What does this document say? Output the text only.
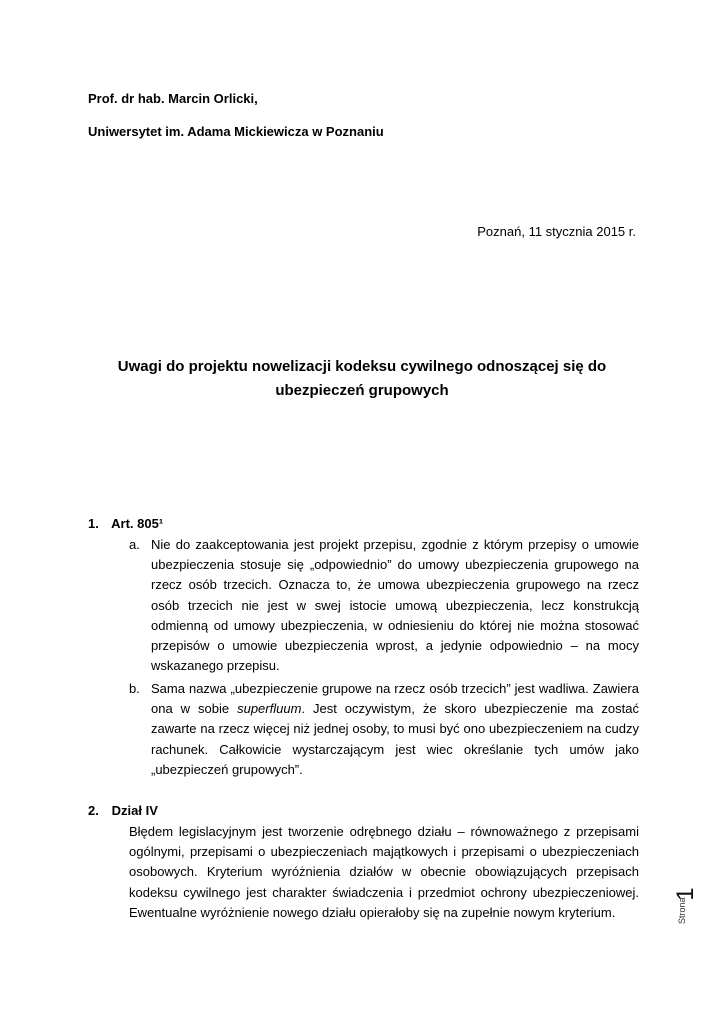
Prof. dr hab. Marcin Orlicki,
Uniwersytet im. Adama Mickiewicza w Poznaniu
Poznań, 11 stycznia 2015 r.
Uwagi do projektu nowelizacji kodeksu cywilnego odnoszącej się do
ubezpieczeń grupowych
1. Art. 805¹
a. Nie do zaakceptowania jest projekt przepisu, zgodnie z którym przepisy o umowie ubezpieczenia stosuje się „odpowiednio” do umowy ubezpieczenia grupowego na rzecz osób trzecich. Oznacza to, że umowa ubezpieczenia grupowego na rzecz osób trzecich nie jest w swej istocie umową ubezpieczenia, lecz konstrukcją odmienną od umowy ubezpieczenia, w odniesieniu do której nie można stosować przepisów o umowie ubezpieczenia wprost, a jedynie odpowiednio – na mocy wskazanego przepisu.
b. Sama nazwa „ubezpieczenie grupowe na rzecz osób trzecich” jest wadliwa. Zawiera ona w sobie superfluum. Jest oczywistym, że skoro ubezpieczenie ma zostać zawarte na rzecz więcej niż jednej osoby, to musi być ono ubezpieczeniem na cudzy rachunek. Całkowicie wystarczającym jest wiec określanie tych umów jako „ubezpieczeń grupowych”.
2. Dział IV
Błędem legislacyjnym jest tworzenie odrębnego działu – równoważnego z przepisami ogólnymi, przepisami o ubezpieczeniach majątkowych i przepisami o ubezpieczeniach osobowych. Kryterium wyróżnienia działów w obecnie obowiązujących przepisach kodeksu cywilnego jest charakter świadczenia i przedmiot ochrony ubezpieczeniowej. Ewentualne wyróżnienie nowego działu opierałoby się na zupełnie nowym kryterium.	Strona
1
